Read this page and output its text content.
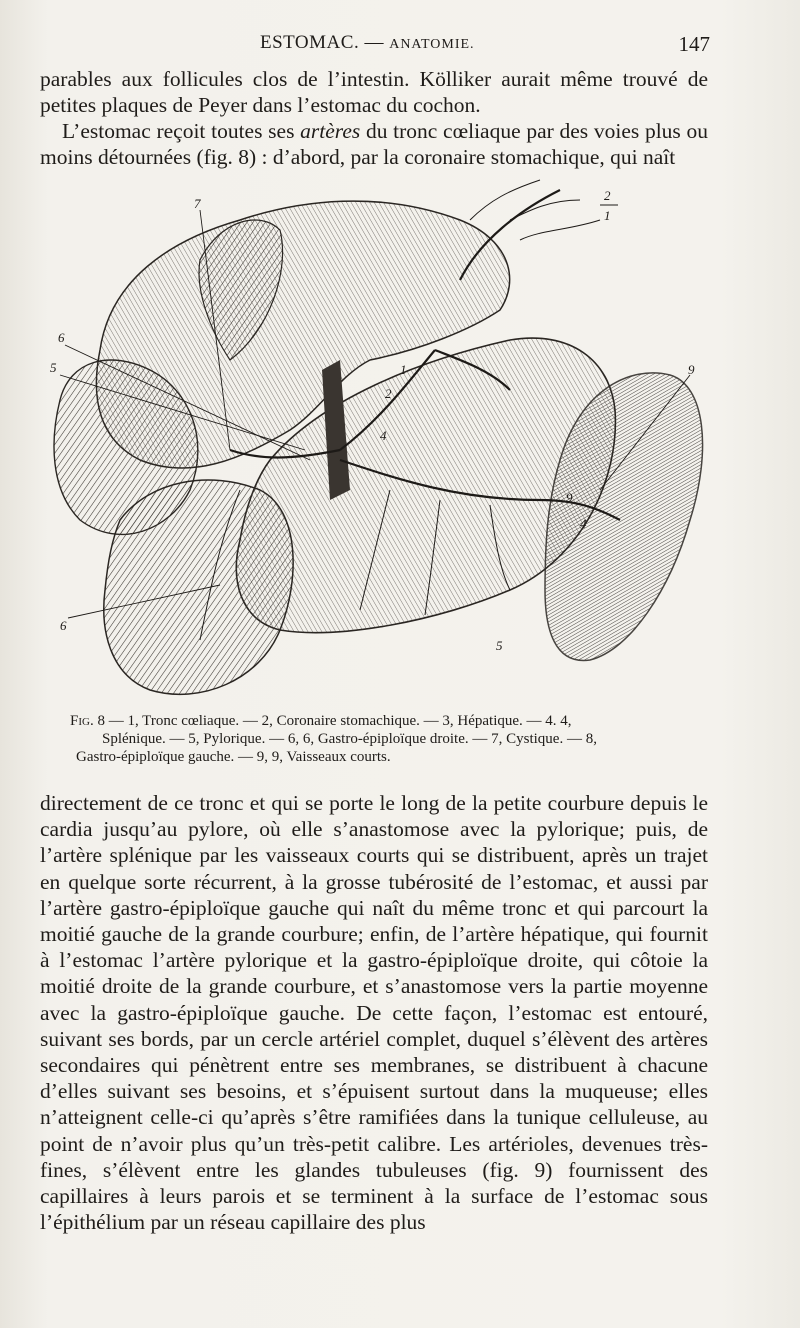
ESTOMAC. — ANATOMIE.	147

parables aux follicules clos de l’intestin. Kölliker aurait même trouvé de petites plaques de Peyer dans l’estomac du cochon.

L’estomac reçoit toutes ses artères du tronc cœliaque par des voies plus ou moins détournées (fig. 8) : d’abord, par la coronaire stomachique, qui naît

7
6
5	1
2
4
2
1
9
4
6
5
9

Fig. 8 — 1, Tronc cœliaque. — 2, Coronaire stomachique. — 3, Hépatique. — 4. 4,
Splénique. — 5, Pylorique. — 6, 6, Gastro-épiploïque droite. — 7, Cystique. — 8,
Gastro-épiploïque gauche. — 9, 9, Vaisseaux courts.

directement de ce tronc et qui se porte le long de la petite courbure depuis le cardia jusqu’au pylore, où elle s’anastomose avec la pylorique; puis, de l’artère splénique par les vaisseaux courts qui se distribuent, après un trajet en quelque sorte récurrent, à la grosse tubérosité de l’estomac, et aussi par l’artère gastro-épiploïque gauche qui naît du même tronc et qui parcourt la moitié gauche de la grande courbure; enfin, de l’artère hépatique, qui fournit à l’estomac l’artère pylorique et la gastro-épiploïque droite, qui côtoie la moitié droite de la grande courbure, et s’anastomose vers la partie moyenne avec la gastro-épiploïque gauche. De cette façon, l’estomac est entouré, suivant ses bords, par un cercle artériel complet, duquel s’élèvent des artères secondaires qui pénètrent entre ses membranes, se distribuent à chacune d’elles suivant ses besoins, et s’épuisent surtout dans la muqueuse; elles n’atteignent celle-ci qu’après s’être ramifiées dans la tunique celluleuse, au point de n’avoir plus qu’un très-petit calibre. Les artérioles, devenues très-fines, s’élèvent entre les glandes tubuleuses (fig. 9) fournissent des capillaires à leurs parois et se terminent à la surface de l’estomac sous l’épithélium par un réseau capillaire des plus
